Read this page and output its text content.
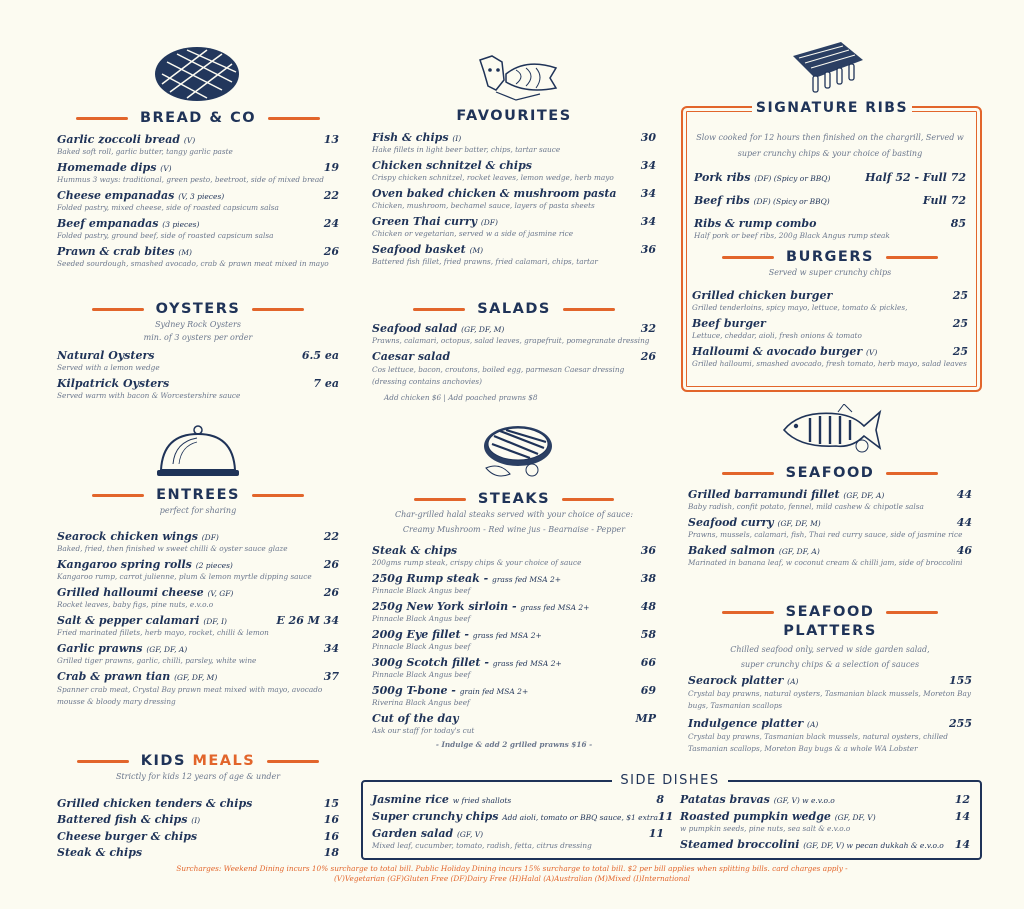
BREAD & CO
Garlic zoccoli bread (V)	13
Baked soft roll, garlic butter, tangy garlic paste
Homemade dips (V)	19
Hummus 3 ways: traditional, green pesto, beetroot, side of mixed bread
Cheese empanadas (V, 3 pieces)	22
Folded pastry, mixed cheese, side of roasted capsicum salsa
Beef empanadas (3 pieces)	24
Folded pastry, ground beef, side of roasted capsicum salsa
Prawn & crab bites (M)	26
Seeded sourdough, smashed avocado, crab & prawn meat mixed in mayo
OYSTERS
Sydney Rock Oysters
min. of 3 oysters per order
Natural Oysters	6.5 ea
Served with a lemon wedge
Kilpatrick Oysters	7 ea
Served warm with bacon & Worcestershire sauce
ENTREES
perfect for sharing
Searock chicken wings (DF)	22
Baked, fried, then finished w sweet chilli & oyster sauce glaze
Kangaroo spring rolls (2 pieces)	26
Kangaroo rump, carrot julienne, plum & lemon myrtle dipping sauce
Grilled halloumi cheese (V, GF)	26
Rocket leaves, baby figs, pine nuts, e.v.o.o
Salt & pepper calamari (DF, I)	E 26 M 34
Fried marinated fillets, herb mayo, rocket, chilli & lemon
Garlic prawns (GF, DF, A)	34
Grilled tiger prawns, garlic, chilli, parsley, white wine
Crab & prawn tian (GF, DF, M)	37
Spanner crab meat, Crystal Bay prawn meat mixed with mayo, avocado mousse & bloody mary dressing
KIDS MEALS
Strictly for kids 12 years of age & under
Grilled chicken tenders & chips	15
Battered fish & chips (I)	16
Cheese burger & chips	16
Steak & chips	18
FAVOURITES
Fish & chips (I)	30
Hake fillets in light beer batter, chips, tartar sauce
Chicken schnitzel & chips	34
Crispy chicken schnitzel, rocket leaves, lemon wedge, herb mayo
Oven baked chicken & mushroom pasta 34
Chicken, mushroom, bechamel sauce, layers of pasta sheets
Green Thai curry (DF)	34
Chicken or vegetarian, served w a side of jasmine rice
Seafood basket (M)	36
Battered fish fillet, fried prawns, fried calamari, chips, tartar
SALADS
Seafood salad (GF, DF, M)	32
Prawns, calamari, octopus, salad leaves, grapefruit, pomegranate dressing
Caesar salad	26
Cos lettuce, bacon, croutons, boiled egg, parmesan Caesar dressing (dressing contains anchovies)
Add chicken $6 | Add poached prawns $8
STEAKS
Char-grilled halal steaks served with your choice of sauce:
Creamy Mushroom - Red wine jus - Bearnaise - Pepper
Steak & chips	36
200gms rump steak, crispy chips & your choice of sauce
250g Rump steak - grass fed MSA 2+	38
Pinnacle Black Angus beef
250g New York sirloin - grass fed MSA 2+	48
Pinnacle Black Angus beef
200g Eye fillet - grass fed MSA 2+	58
Pinnacle Black Angus beef
300g Scotch fillet - grass fed MSA 2+	66
Pinnacle Black Angus beef
500g T-bone - grain fed MSA 2+	69
Riverina Black Angus beef
Cut of the day	MP
Ask our staff for today's cut
- Indulge & add 2 grilled prawns $16 -
SIGNATURE RIBS
Slow cooked for 12 hours then finished on the chargrill, Served w super crunchy chips & your choice of basting
Pork ribs (DF) (Spicy or BBQ)	Half 52 - Full 72
Beef ribs (DF) (Spicy or BBQ)	Full 72
Ribs & rump combo	85
Half pork or beef ribs, 200g Black Angus rump steak
BURGERS
Served w super crunchy chips
Grilled chicken burger	25
Grilled tenderloins, spicy mayo, lettuce, tomato & pickles,
Beef burger	25
Lettuce, cheddar, aioli, fresh onions & tomato
Halloumi & avocado burger (V)	25
Grilled halloumi, smashed avocado, fresh tomato, herb mayo, salad leaves
SEAFOOD
Grilled barramundi fillet (GF, DF, A)	44
Baby radish, confit potato, fennel, mild cashew & chipotle salsa
Seafood curry (GF, DF, M)	44
Prawns, mussels, calamari, fish, Thai red curry sauce, side of jasmine rice
Baked salmon (GF, DF, A)	46
Marinated in banana leaf, w coconut cream & chilli jam, side of broccolini
SEAFOOD
PLATTERS
Chilled seafood only, served w side garden salad,
super crunchy chips & a selection of sauces
Searock platter (A)	155
Crystal bay prawns, natural oysters, Tasmanian black mussels, Moreton Bay bugs, Tasmanian scallops
Indulgence platter (A)	255
Crystal bay prawns, Tasmanian black mussels, natural oysters, chilled Tasmanian scallops, Moreton Bay bugs & a whole WA Lobster
SIDE DISHES
Jasmine rice w fried shallots	8
Super crunchy chips Add aioli, tomato or BBQ sauce, $1 extra 11
Garden salad (GF, V)	11
Mixed leaf, cucumber, tomato, radish, fetta, citrus dressing
Patatas bravas (GF, V) w e.v.o.o	12
Roasted pumpkin wedge (GF, DF, V)	14
w pumpkin seeds, pine nuts, sea salt & e.v.o.o
Steamed broccolini (GF, DF, V) w pecan dukkah & e.v.o.o 14
Surcharges: Weekend Dining incurs 10% surcharge to total bill. Public Holiday Dining incurs 15% surcharge to total bill. $2 per bill applies when splitting bills. card charges apply -
(V)Vegetarian (GF)Gluten Free (DF)Dairy Free (H)Halal (A)Australian (M)Mixed (I)International
